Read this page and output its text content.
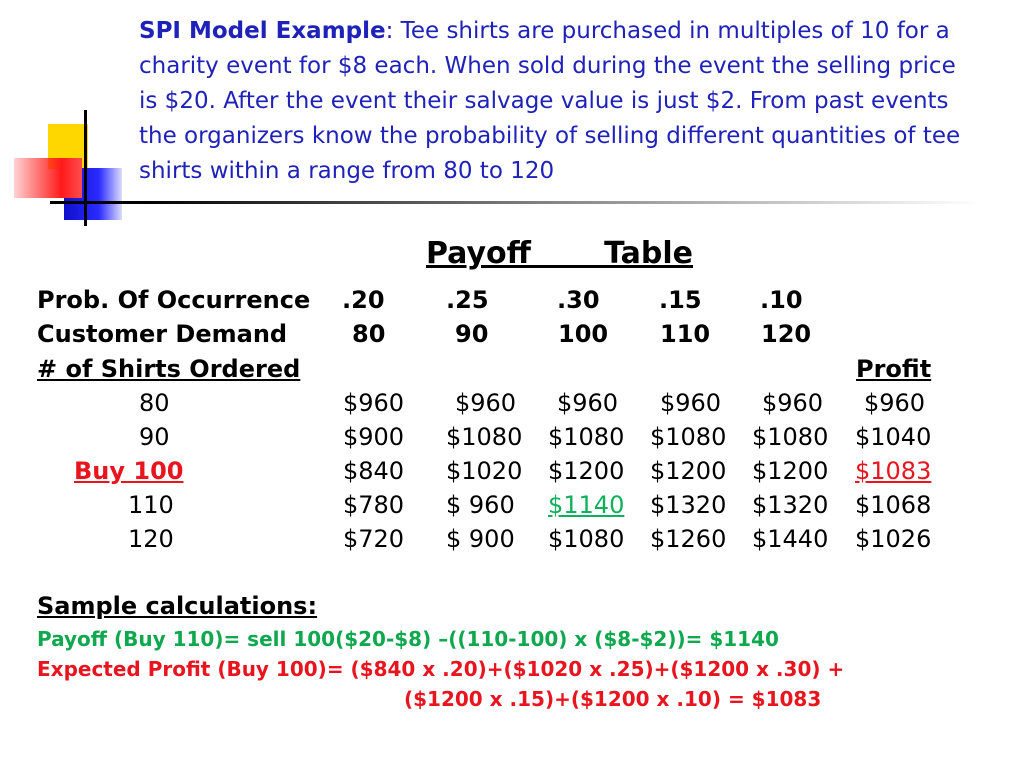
SPI Model Example: Tee shirts are purchased in multiples of 10 for a charity event for $8 each. When sold during the event the selling price is $20. After the event their salvage value is just $2. From past events the organizers know the probability of selling different quantities of tee shirts within a range from 80 to 120
Payoff       Table
Prob. Of Occurrence .20	.25	.30 .15 .10
Customer Demand	80	90	100 110 120
# of Shirts Ordered	Profit
80	$960 $960 $960 $960 $960 $960
90	$900 $1080 $1080 $1080 $1080 $1040
Buy 100	$840 $1020 $1200 $1200 $1200 $1083
110	$780 $ 960 $1140 $1320 $1320 $1068
120	$720 $ 900 $1080 $1260 $1440 $1026
Sample calculations:
Payoff (Buy 110)= sell 100($20-$8) –((110-100) x ($8-$2))= $1140
Expected Profit (Buy 100)= ($840 x .20)+($1020 x .25)+($1200 x .30) +
($1200 x .15)+($1200 x .10) = $1083
